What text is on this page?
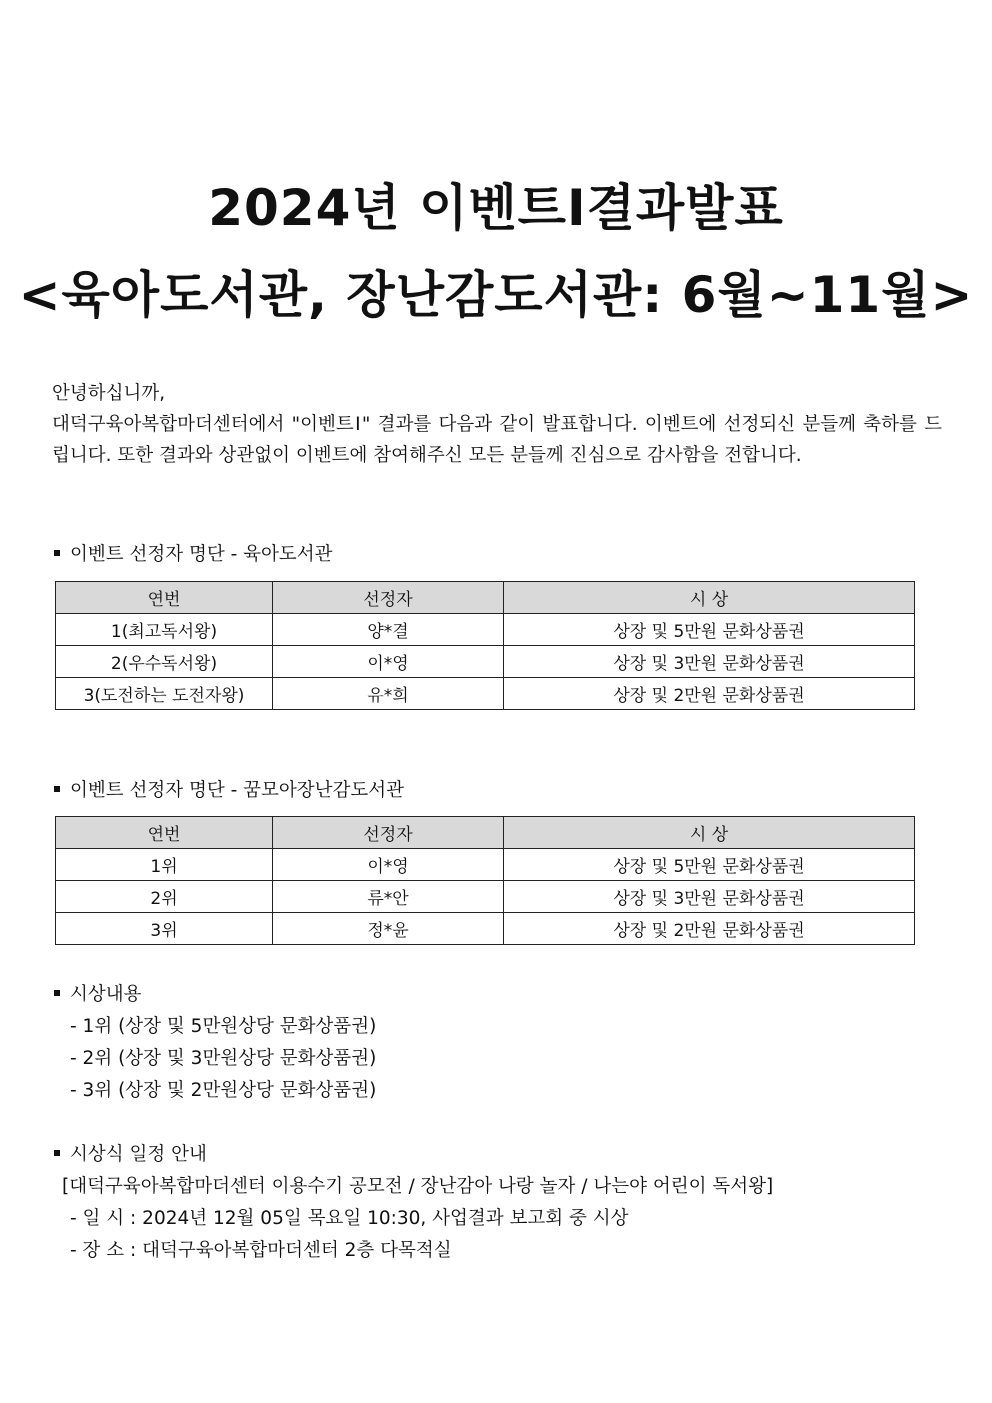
2024년 이벤트Ⅰ결과발표
<육아도서관, 장난감도서관: 6월~11월>

안녕하십니까,

대덕구육아복합마더센터에서 "이벤트Ⅰ" 결과를 다음과 같이 발표합니다. 이벤트에 선정되신 분들께 축하를 드립니다. 또한 결과와 상관없이 이벤트에 참여해주신 모든 분들께 진심으로 감사함을 전합니다.

이벤트 선정자 명단 - 육아도서관
연번	선정자	시 상
1(최고독서왕)	양*결	상장 및 5만원 문화상품권
2(우수독서왕)	이*영	상장 및 3만원 문화상품권
3(도전하는 도전자왕)	유*희	상장 및 2만원 문화상품권
이벤트 선정자 명단 - 꿈모아장난감도서관
연번	선정자	시 상
1위	이*영	상장 및 5만원 문화상품권
2위	류*안	상장 및 3만원 문화상품권
3위	정*윤	상장 및 2만원 문화상품권
시상내용
- 1위 (상장 및 5만원상당 문화상품권)
- 2위 (상장 및 3만원상당 문화상품권)
- 3위 (상장 및 2만원상당 문화상품권)
시상식 일정 안내
[대덕구육아복합마더센터 이용수기 공모전 / 장난감아 나랑 놀자 / 나는야 어린이 독서왕]
- 일 시 : 2024년 12월 05일 목요일 10:30, 사업결과 보고회 중 시상
- 장 소 : 대덕구육아복합마더센터 2층 다목적실
